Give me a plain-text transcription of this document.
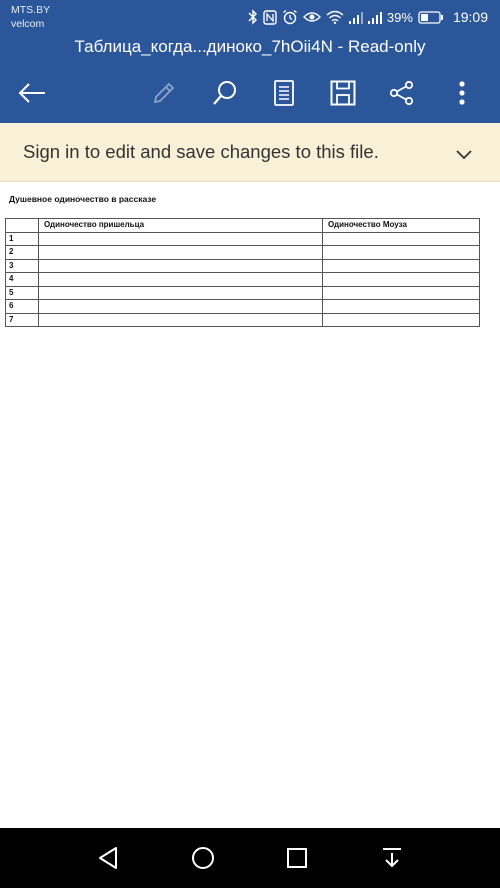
MTS.BY
velcom	39%	19:09
Таблица_когда...диноко_7hOii4N - Read-only
Sign in to edit and save changes to this file.
Душевное одиночество в рассказе
	Одиночество пришельца	Одиночество Моуза
1		
2		
3		
4		
5		
6		
7		
